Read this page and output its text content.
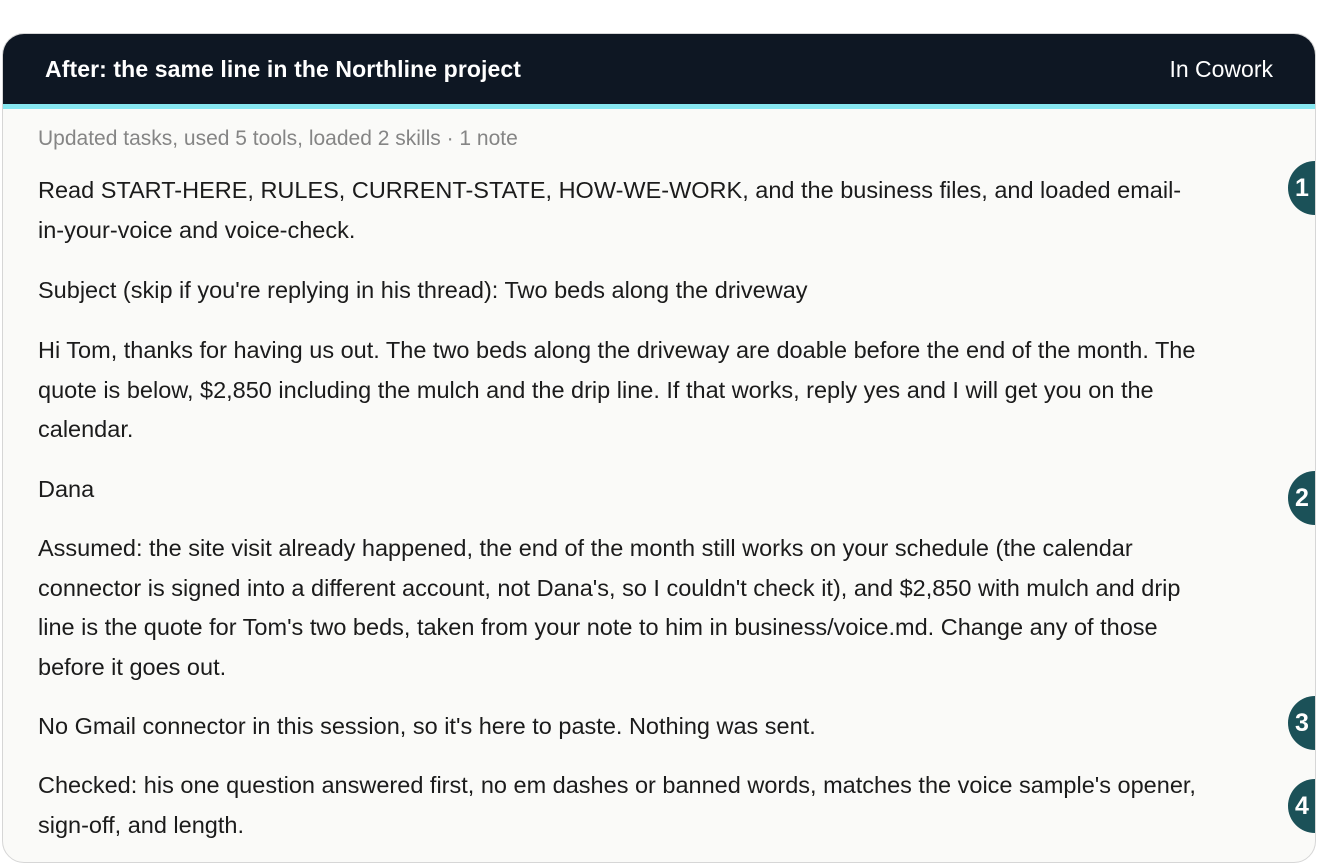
After: the same line in the Northline project	In Cowork
Updated tasks, used 5 tools, loaded 2 skills · 1 note

Read START-HERE, RULES, CURRENT-STATE, HOW-WE-WORK, and the business files, and loaded email-in-your-voice and voice-check.

Subject (skip if you're replying in his thread): Two beds along the driveway

Hi Tom, thanks for having us out. The two beds along the driveway are doable before the end of the month. The quote is below, $2,850 including the mulch and the drip line. If that works, reply yes and I will get you on the calendar.

Dana

Assumed: the site visit already happened, the end of the month still works on your schedule (the calendar connector is signed into a different account, not Dana's, so I couldn't check it), and $2,850 with mulch and drip line is the quote for Tom's two beds, taken from your note to him in business/voice.md. Change any of those before it goes out.

No Gmail connector in this session, so it's here to paste. Nothing was sent.

Checked: his one question answered first, no em dashes or banned words, matches the voice sample's opener, sign-off, and length.

1
2
3
4
